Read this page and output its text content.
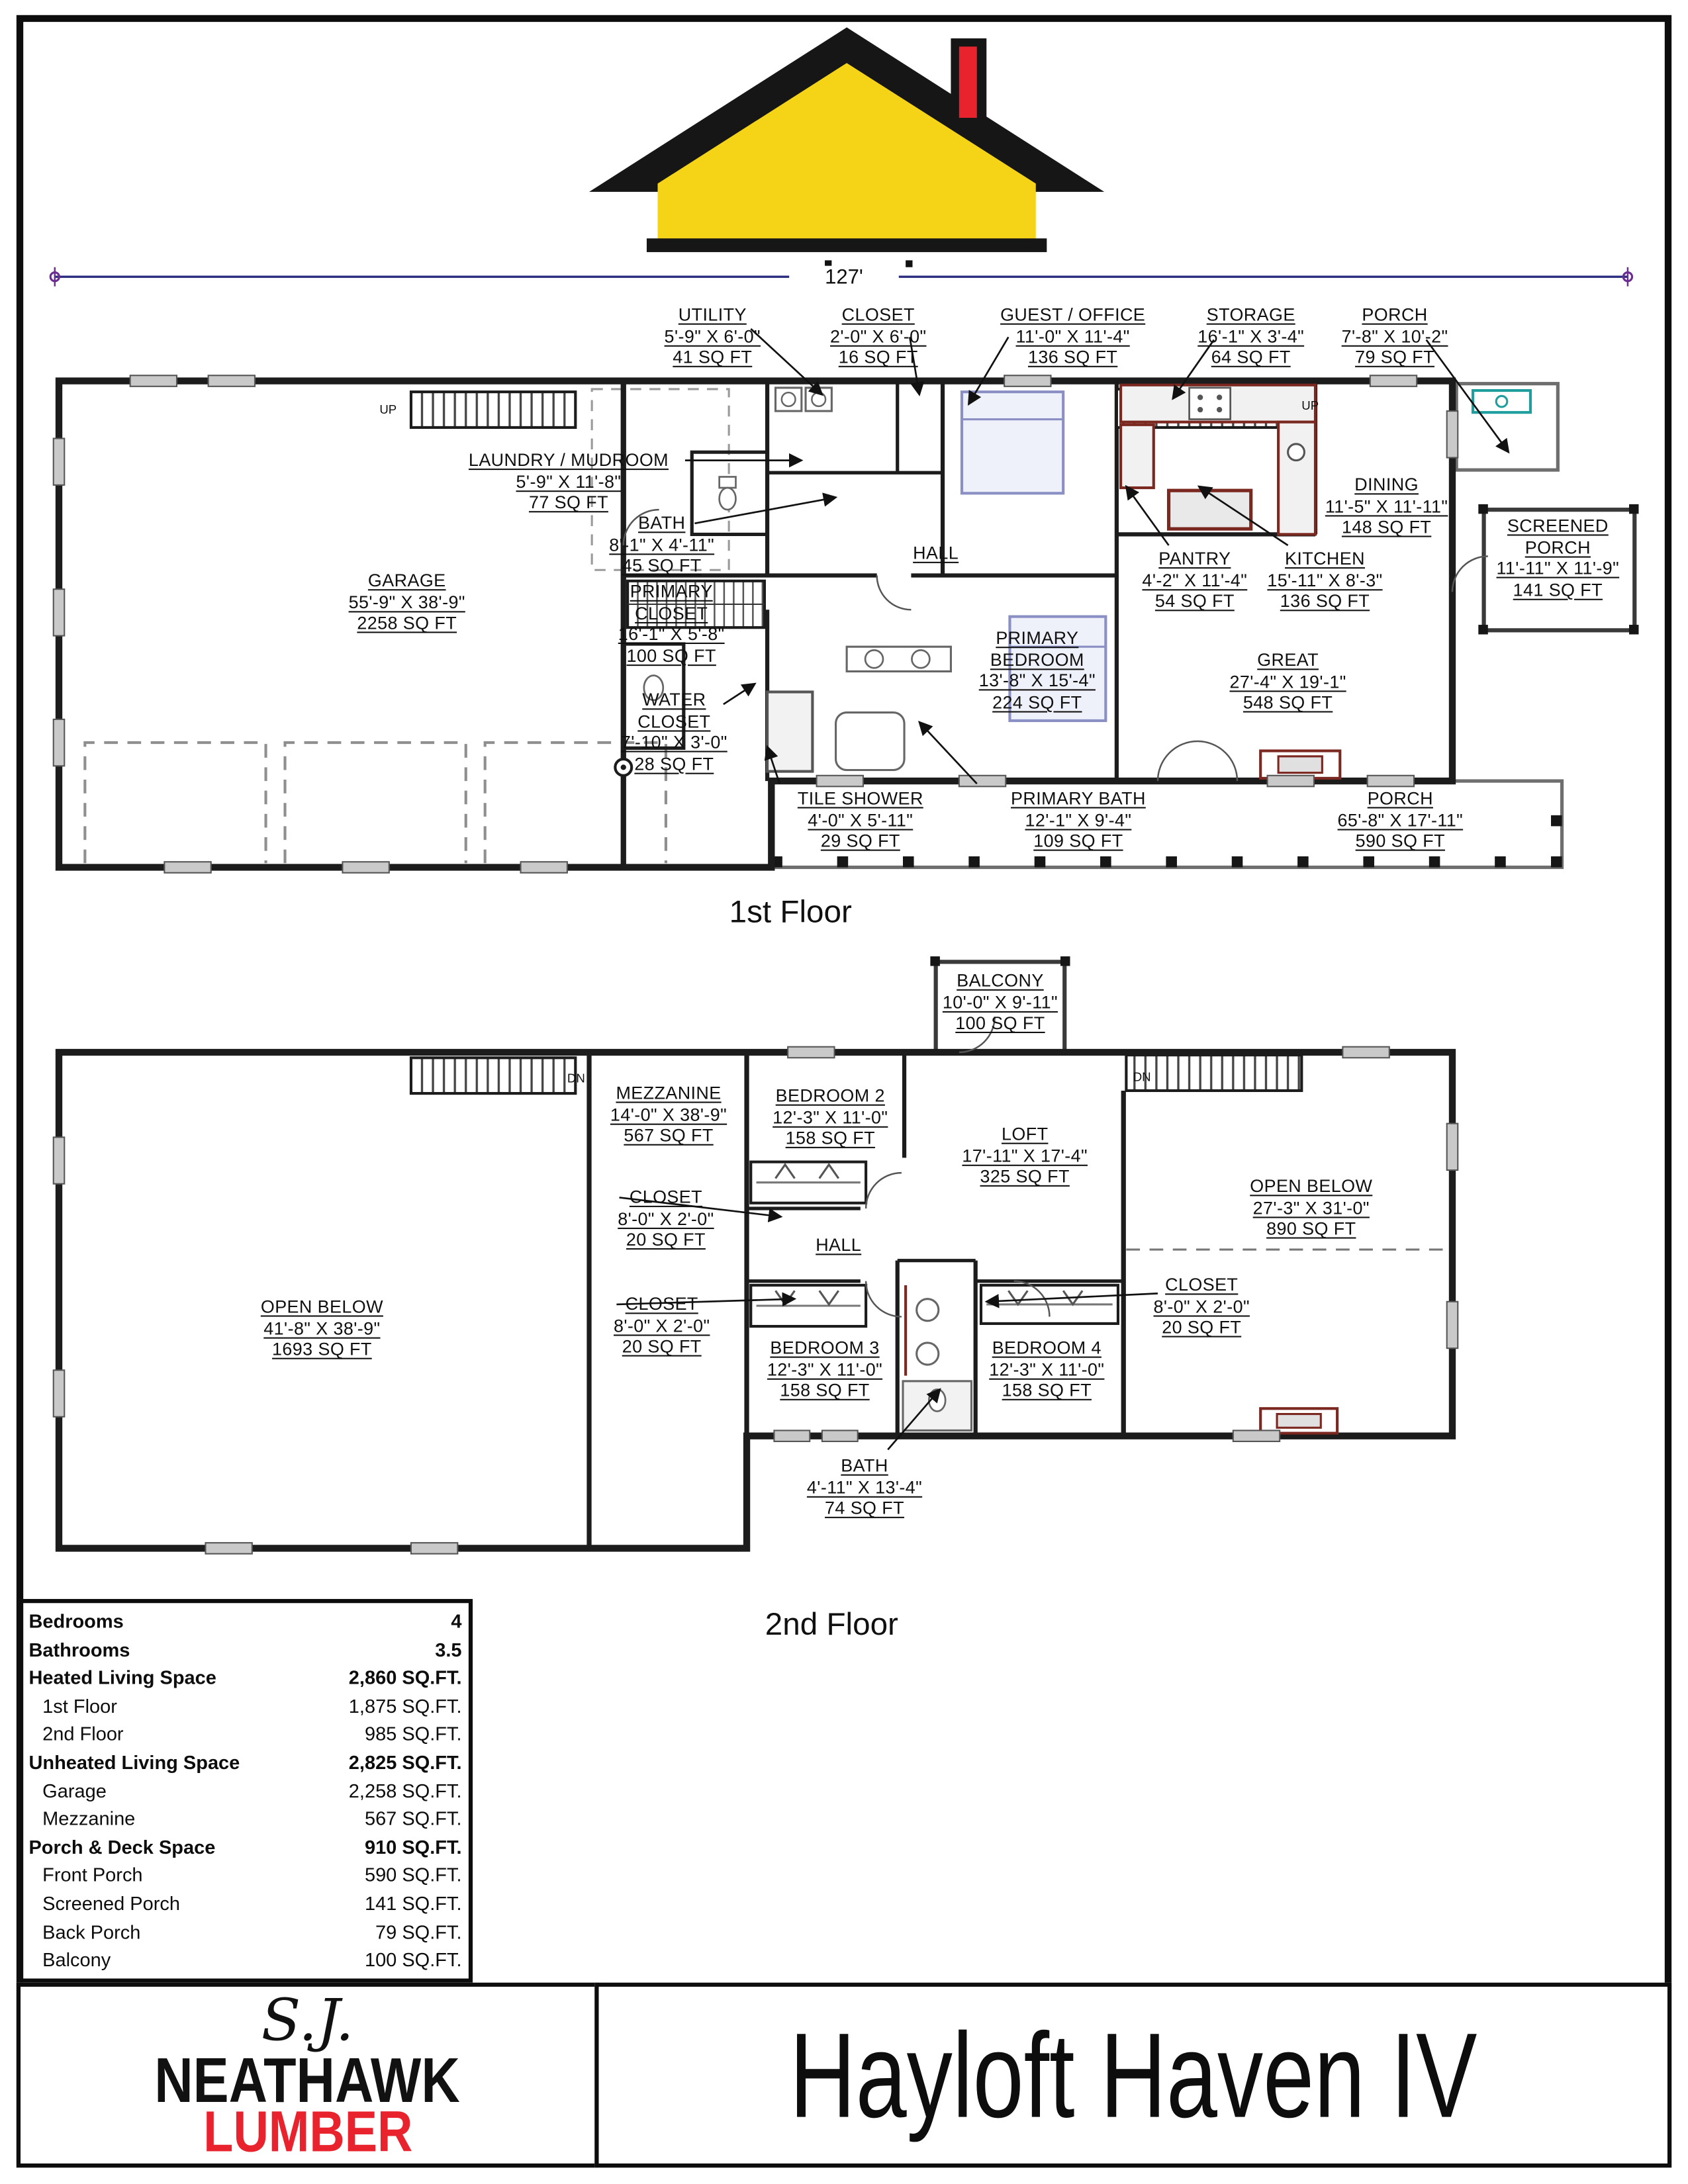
127'
UTILITY
5'-9" X 6'-0"
41 SQ FT
CLOSET
2'-0" X 6'-0"
16 SQ FT
GUEST / OFFICE
11'-0" X 11'-4"
136 SQ FT
STORAGE
16'-1" X 3'-4"
64 SQ FT
PORCH
7'-8" X 10'-2"
79 SQ FT
LAUNDRY / MUDROOM
5'-9" X 11'-8"
77 SQ FT
BATH
8'-1" X 4'-11"
45 SQ FT
GARAGE
55'-9" X 38'-9"
2258 SQ FT
PRIMARY
CLOSET
16'-1" X 5'-8"
100 SQ FT
WATER
CLOSET
7'-10" X 3'-0"
28 SQ FT
HALL	PANTRY
4'-2" X 11'-4"
54 SQ FT
KITCHEN
15'-11" X 8'-3"
136 SQ FT
DINING
11'-5" X 11'-11"
148 SQ FT	SCREENED
PORCH
11'-11" X 11'-9"
141 SQ FT
PRIMARY
BEDROOM
13'-8" X 15'-4"
224 SQ FT
GREAT
27'-4" X 19'-1"
548 SQ FT
TILE SHOWER
4'-0" X 5'-11"
29 SQ FT
PRIMARY BATH
12'-1" X 9'-4"
109 SQ FT
PORCH
65'-8" X 17'-11"
590 SQ FT
UP	UP
BALCONY
10'-0" X 9'-11"
100 SQ FT
MEZZANINE
14'-0" X 38'-9"
567 SQ FT
BEDROOM 2
12'-3" X 11'-0"
158 SQ FT	LOFT
17'-11" X 17'-4"
325 SQ FT	OPEN BELOW
27'-3" X 31'-0"
890 SQ FT
CLOSET
8'-0" X 2'-0"
20 SQ FT	HALL
CLOSET
8'-0" X 2'-0"
20 SQ FT
CLOSET
8'-0" X 2'-0"
20 SQ FT
BEDROOM 3
12'-3" X 11'-0"
158 SQ FT
BEDROOM 4
12'-3" X 11'-0"
158 SQ FT
OPEN BELOW
41'-8" X 38'-9"
1693 SQ FT
BATH
4'-11" X 13'-4"
74 SQ FT
DN	DN
1st Floor
2nd Floor
Bedrooms	4
Bathrooms	3.5
Heated Living Space	2,860 SQ.FT.
1st Floor	1,875 SQ.FT.
2nd Floor	985 SQ.FT.
Unheated Living Space	2,825 SQ.FT.
Garage	2,258 SQ.FT.
Mezzanine	567 SQ.FT.
Porch & Deck Space	910 SQ.FT.
Front Porch	590 SQ.FT.
Screened Porch	141 SQ.FT.
Back Porch	79 SQ.FT.
Balcony	100 SQ.FT.
S.J.
NEATHAWK
LUMBER	Hayloft Haven IV
